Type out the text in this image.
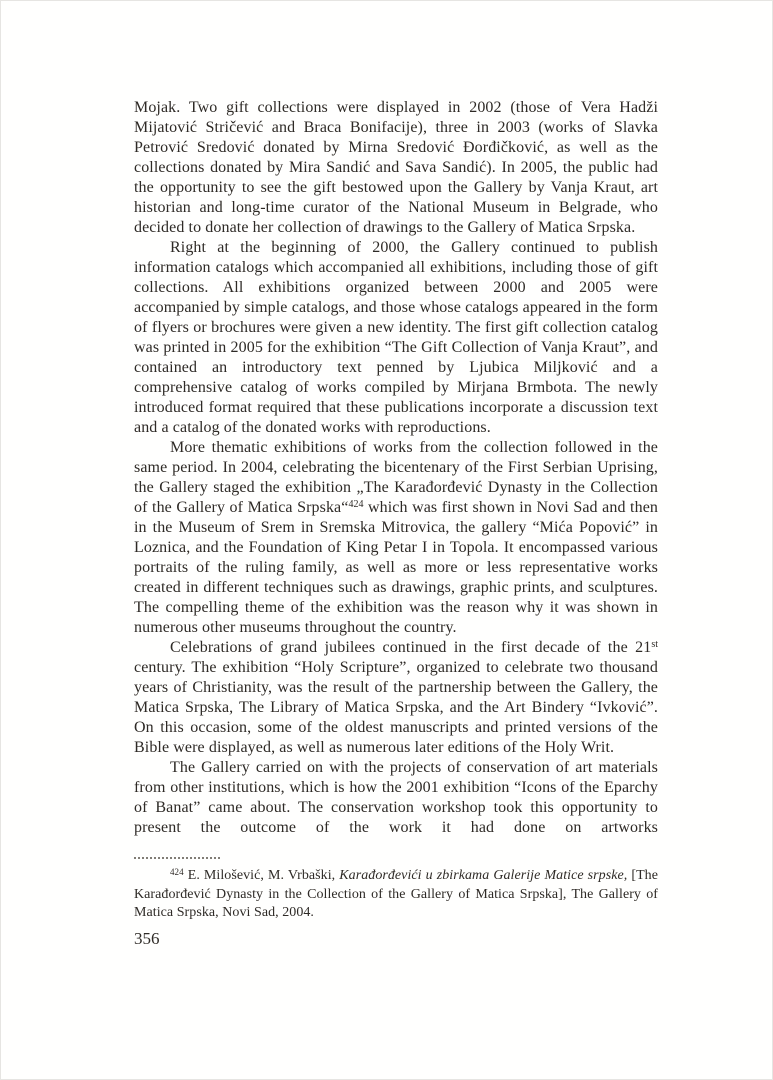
Mojak. Two gift collections were displayed in 2002 (those of Vera Hadži Mijatović Stričević and Braca Bonifacije), three in 2003 (works of Slavka Petrović Sredović donated by Mirna Sredović Đorđičković, as well as the collections donated by Mira Sandić and Sava Sandić). In 2005, the public had the opportunity to see the gift bestowed upon the Gallery by Vanja Kraut, art historian and long-time curator of the National Museum in Belgrade, who decided to donate her collection of drawings to the Gallery of Matica Srpska.

Right at the beginning of 2000, the Gallery continued to publish information catalogs which accompanied all exhibitions, including those of gift collections. All exhibitions organized between 2000 and 2005 were accompanied by simple catalogs, and those whose catalogs appeared in the form of flyers or brochures were given a new identity. The first gift collection catalog was printed in 2005 for the exhibition “The Gift Collection of Vanja Kraut”, and contained an introductory text penned by Ljubica Miljković and a comprehensive catalog of works compiled by Mirjana Brmbota. The newly introduced format required that these publications incorporate a discussion text and a catalog of the donated works with reproductions.

More thematic exhibitions of works from the collection followed in the same period. In 2004, celebrating the bicentenary of the First Serbian Uprising, the Gallery staged the exhibition „The Karađorđević Dynasty in the Collection of the Gallery of Matica Srpska“$^{424}$ which was first shown in Novi Sad and then in the Museum of Srem in Sremska Mitrovica, the gallery “Mića Popović” in Loznica, and the Foundation of King Petar I in Topola. It encompassed various portraits of the ruling family, as well as more or less representative works created in different techniques such as drawings, graphic prints, and sculptures. The compelling theme of the exhibition was the reason why it was shown in numerous other museums throughout the country.

Celebrations of grand jubilees continued in the first decade of the 21st century. The exhibition “Holy Scripture”, organized to celebrate two thousand years of Christianity, was the result of the partnership between the Gallery, the Matica Srpska, The Library of Matica Srpska, and the Art Bindery “Ivković”. On this occasion, some of the oldest manuscripts and printed versions of the Bible were displayed, as well as numerous later editions of the Holy Writ.

The Gallery carried on with the projects of conservation of art materials from other institutions, which is how the 2001 exhibition “Icons of the Eparchy of Banat” came about. The conservation workshop took this opportunity to present the outcome of the work it had done on artworks

$^{424}$ E. Milošević, M. Vrbaški, Karađorđevići u zbirkama Galerije Matice srpske, [The Karađorđević Dynasty in the Collection of the Gallery of Matica Srpska], The Gallery of Matica Srpska, Novi Sad, 2004.

356
